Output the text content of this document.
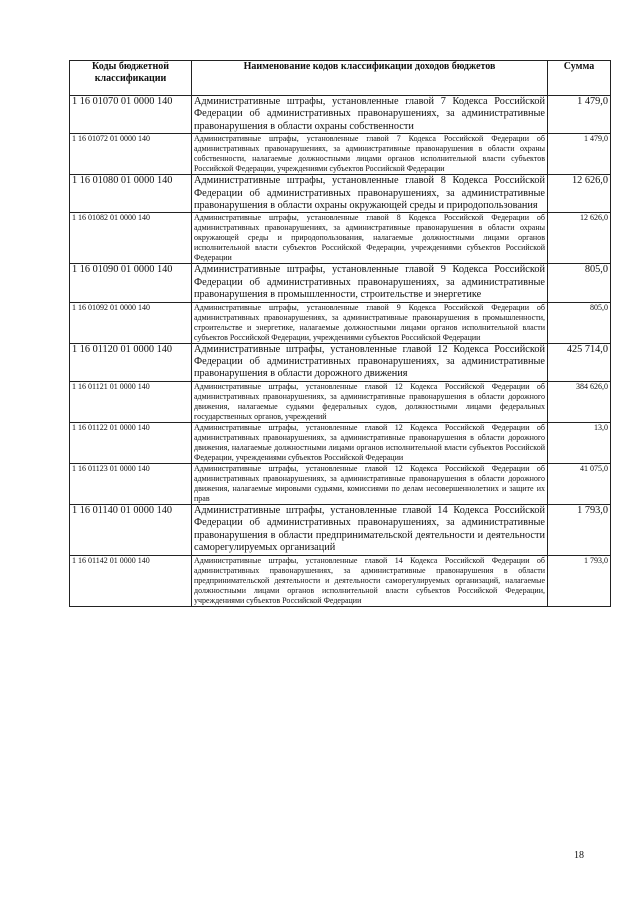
Коды бюджетной классификации	Наименование кодов классификации доходов бюджетов	Сумма
1 16 01070 01 0000 140	Административные штрафы, установленные главой 7 Кодекса Российской Федерации об административных правонарушениях, за административные правонарушения в области охраны собственности	1 479,0
1 16 01072 01 0000 140	Административные штрафы, установленные главой 7 Кодекса Российской Федерации об административных правонарушениях, за административные правонарушения в области охраны собственности, налагаемые должностными лицами органов исполнительной власти субъектов Российской Федерации, учреждениями субъектов Российской Федерации	1 479,0
1 16 01080 01 0000 140	Административные штрафы, установленные главой 8 Кодекса Российской Федерации об административных правонарушениях, за административные правонарушения в области охраны окружающей среды и природопользования	12 626,0
1 16 01082 01 0000 140	Административные штрафы, установленные главой 8 Кодекса Российской Федерации об административных правонарушениях, за административные правонарушения в области охраны окружающей среды и природопользования, налагаемые должностными лицами органов исполнительной власти субъектов Российской Федерации, учреждениями субъектов Российской Федерации	12 626,0
1 16 01090 01 0000 140	Административные штрафы, установленные главой 9 Кодекса Российской Федерации об административных правонарушениях, за административные правонарушения в промышленности, строительстве и энергетике	805,0
1 16 01092 01 0000 140	Административные штрафы, установленные главой 9 Кодекса Российской Федерации об административных правонарушениях, за административные правонарушения в промышленности, строительстве и энергетике, налагаемые должностными лицами органов исполнительной власти субъектов Российской Федерации, учреждениями субъектов Российской Федерации	805,0
1 16 01120 01 0000 140	Административные штрафы, установленные главой 12 Кодекса Российской Федерации об административных правонарушениях, за административные правонарушения в области дорожного движения	425 714,0
1 16 01121 01 0000 140	Административные штрафы, установленные главой 12 Кодекса Российской Федерации об административных правонарушениях, за административные правонарушения в области дорожного движения, налагаемые судьями федеральных судов, должностными лицами федеральных государственных органов, учреждений	384 626,0
1 16 01122 01 0000 140	Административные штрафы, установленные главой 12 Кодекса Российской Федерации об административных правонарушениях, за административные правонарушения в области дорожного движения, налагаемые должностными лицами органов исполнительной власти субъектов Российской Федерации, учреждениями субъектов Российской Федерации	13,0
1 16 01123 01 0000 140	Административные штрафы, установленные главой 12 Кодекса Российской Федерации об административных правонарушениях, за административные правонарушения в области дорожного движения, налагаемые мировыми судьями, комиссиями по делам несовершеннолетних и защите их прав	41 075,0
1 16 01140 01 0000 140	Административные штрафы, установленные главой 14 Кодекса Российской Федерации об административных правонарушениях, за административные правонарушения в области предпринимательской деятельности и деятельности саморегулируемых организаций	1 793,0
1 16 01142 01 0000 140	Административные штрафы, установленные главой 14 Кодекса Российской Федерации об административных правонарушениях, за административные правонарушения в области предпринимательской деятельности и деятельности саморегулируемых организаций, налагаемые должностными лицами органов исполнительной власти субъектов Российской Федерации, учреждениями субъектов Российской Федерации	1 793,0
18
